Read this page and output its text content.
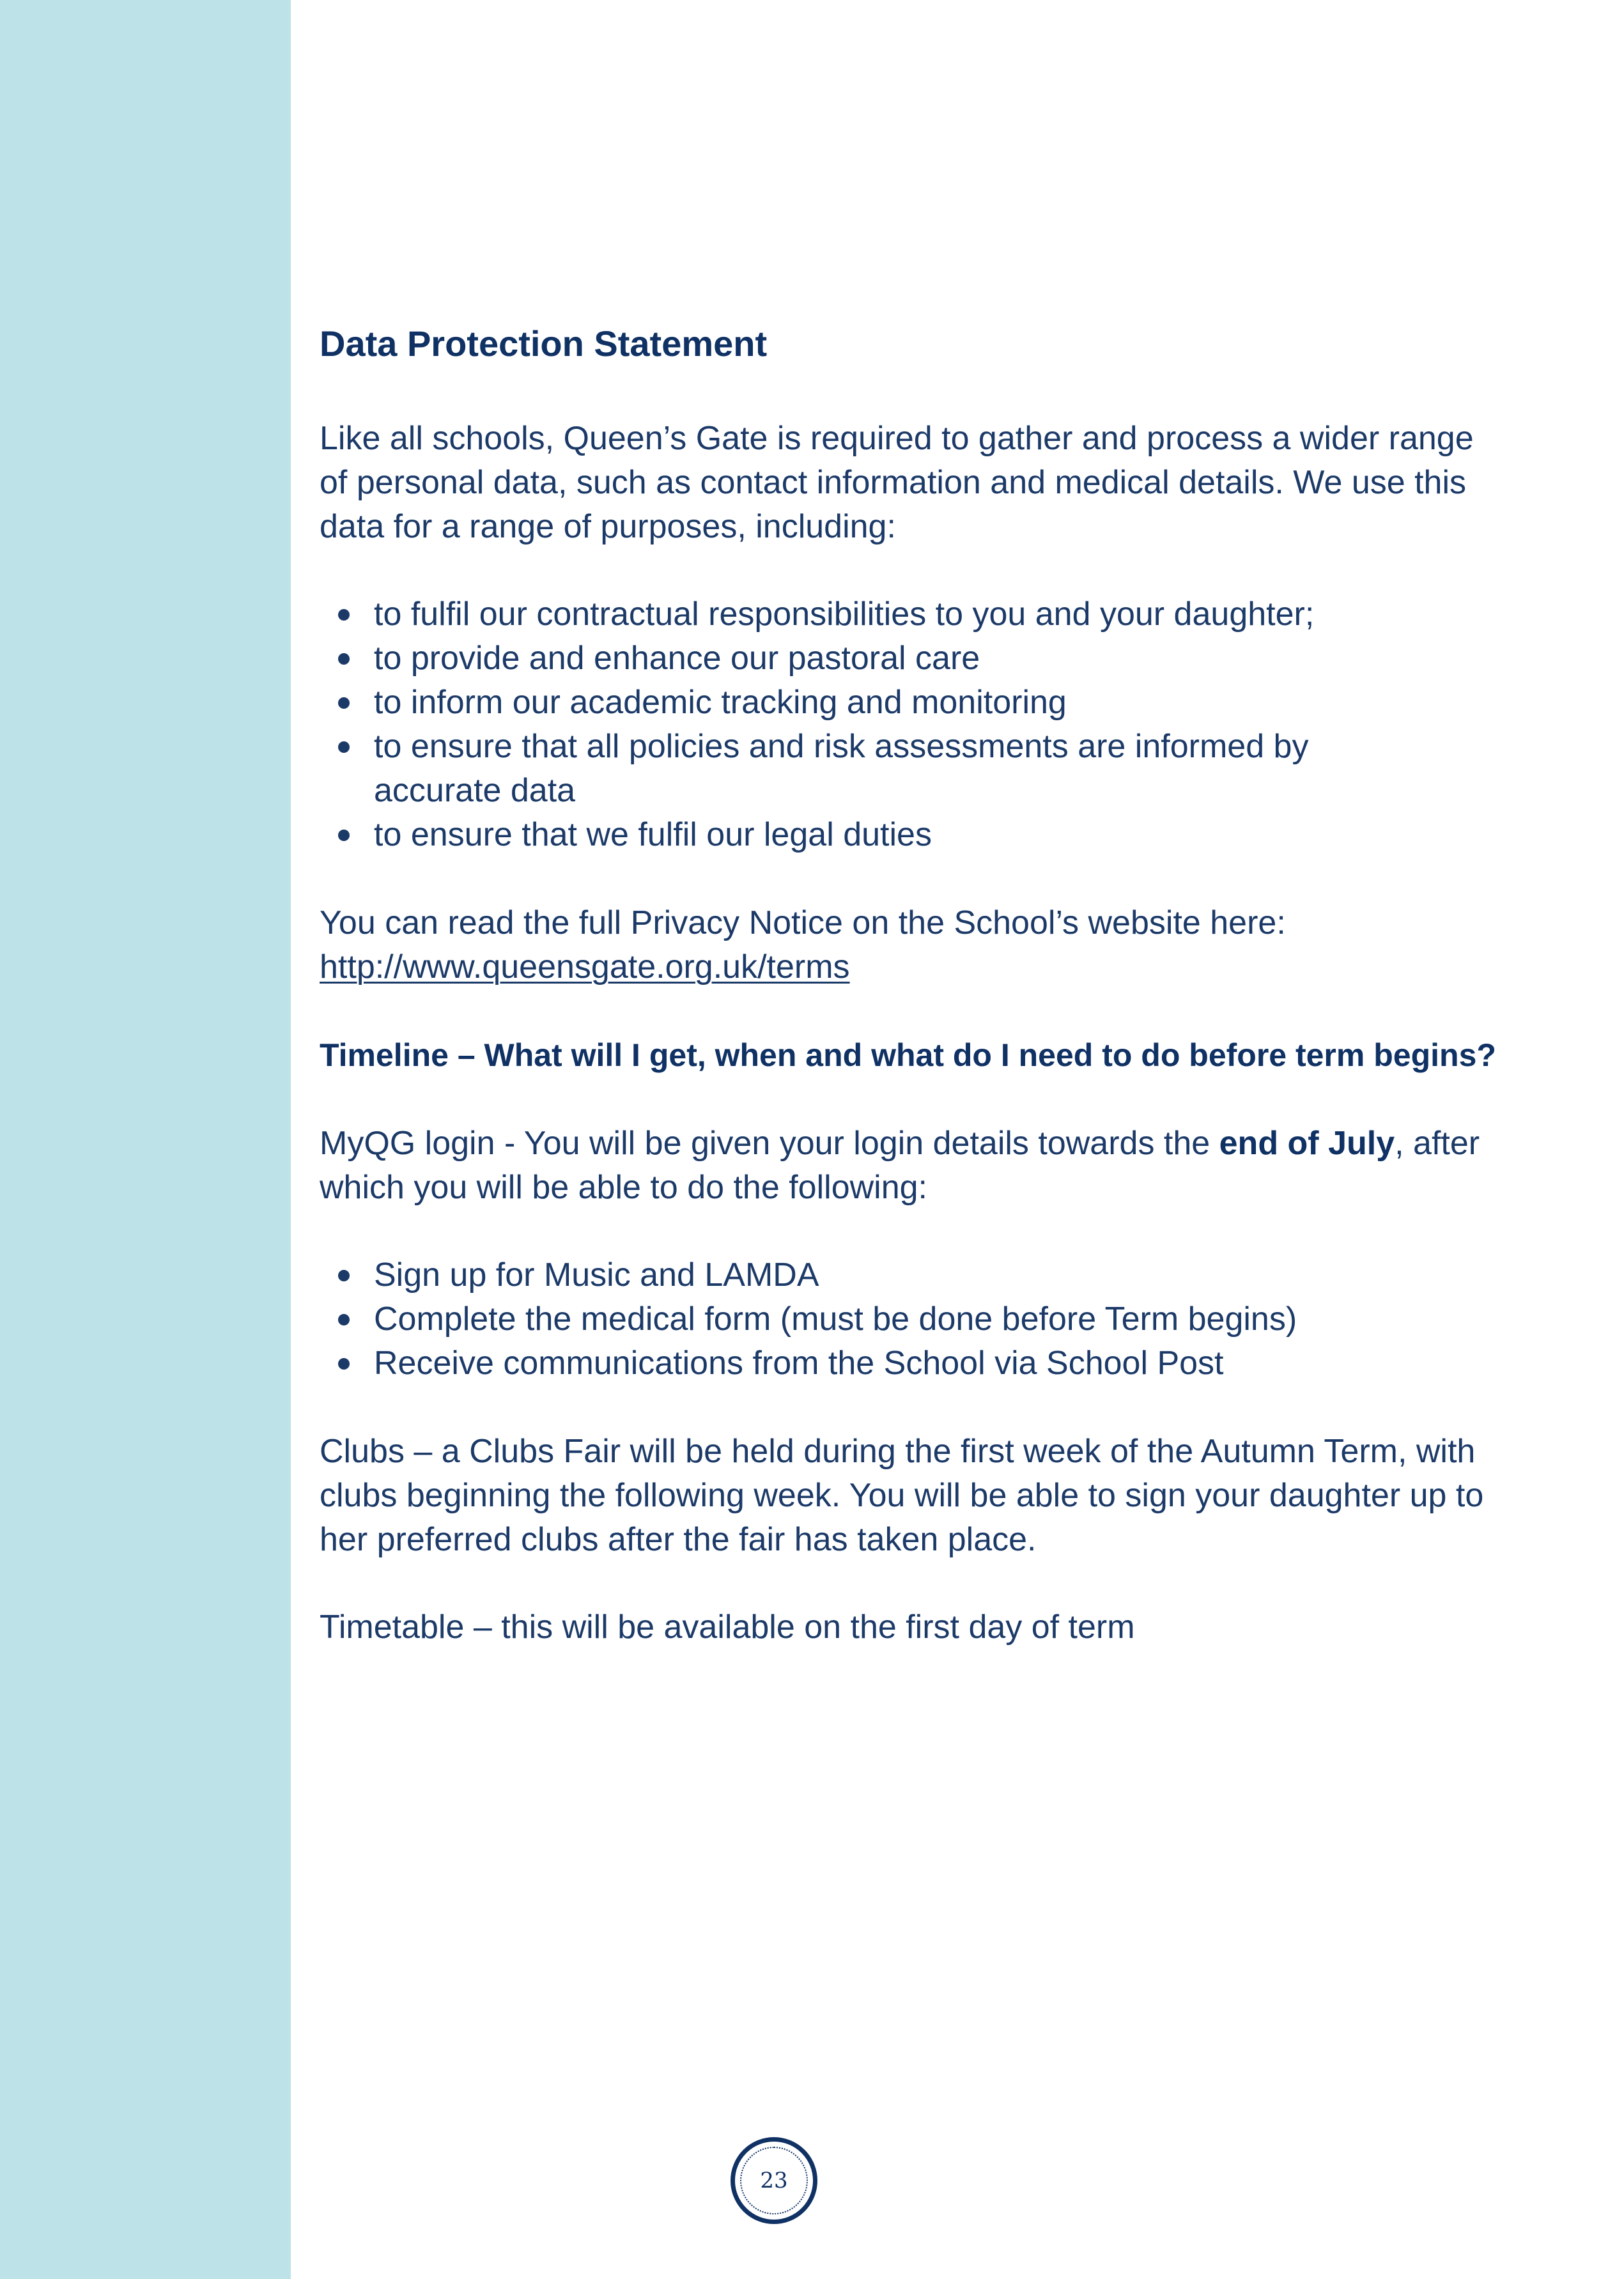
Data Protection Statement

Like all schools, Queen’s Gate is required to gather and process a wider range

of personal data, such as contact information and medical details. We use this

data for a range of purposes, including:

to fulfil our contractual responsibilities to you and your daughter;
to provide and enhance our pastoral care
to inform our academic tracking and monitoring
to ensure that all policies and risk assessments are informed by accurate data
to ensure that we fulfil our legal duties

You can read the full Privacy Notice on the School’s website here:

http://www.queensgate.org.uk/terms

Timeline – What will I get, when and what do I need to do before term begins?

MyQG login - You will be given your login details towards the end of July, after which you will be able to do the following:

Sign up for Music and LAMDA
Complete the medical form (must be done before Term begins)
Receive communications from the School via School Post

Clubs – a Clubs Fair will be held during the first week of the Autumn Term, with

clubs beginning the following week. You will be able to sign your daughter up to

her preferred clubs after the fair has taken place.

Timetable – this will be available on the first day of term

23
